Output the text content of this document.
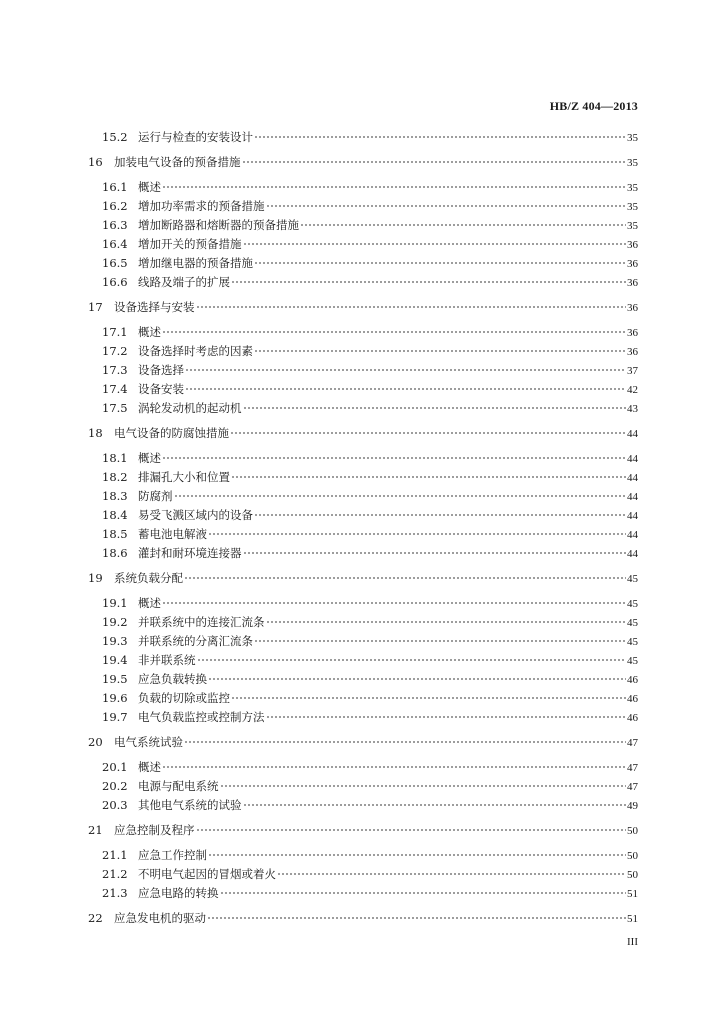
HB/Z 404—2013
15.2 运行与检查的安装设计	35
16 加装电气设备的预备措施	35
16.1 概述	35
16.2 增加功率需求的预备措施	35
16.3 增加断路器和熔断器的预备措施	35
16.4 增加开关的预备措施	36
16.5 增加继电器的预备措施	36
16.6 线路及端子的扩展	36
17 设备选择与安装	36
17.1 概述	36
17.2 设备选择时考虑的因素	36
17.3 设备选择	37
17.4 设备安装	42
17.5 涡轮发动机的起动机	43
18 电气设备的防腐蚀措施	44
18.1 概述	44
18.2 排漏孔大小和位置	44
18.3 防腐剂	44
18.4 易受飞溅区域内的设备	44
18.5 蓄电池电解液	44
18.6 灌封和耐环境连接器	44
19 系统负载分配	45
19.1 概述	45
19.2 并联系统中的连接汇流条	45
19.3 并联系统的分离汇流条	45
19.4 非并联系统	45
19.5 应急负载转换	46
19.6 负载的切除或监控	46
19.7 电气负载监控或控制方法	46
20 电气系统试验	47
20.1 概述	47
20.2 电源与配电系统	47
20.3 其他电气系统的试验	49
21 应急控制及程序	50
21.1 应急工作控制	50
21.2 不明电气起因的冒烟或着火	50
21.3 应急电路的转换	51
22 应急发电机的驱动	51
III
